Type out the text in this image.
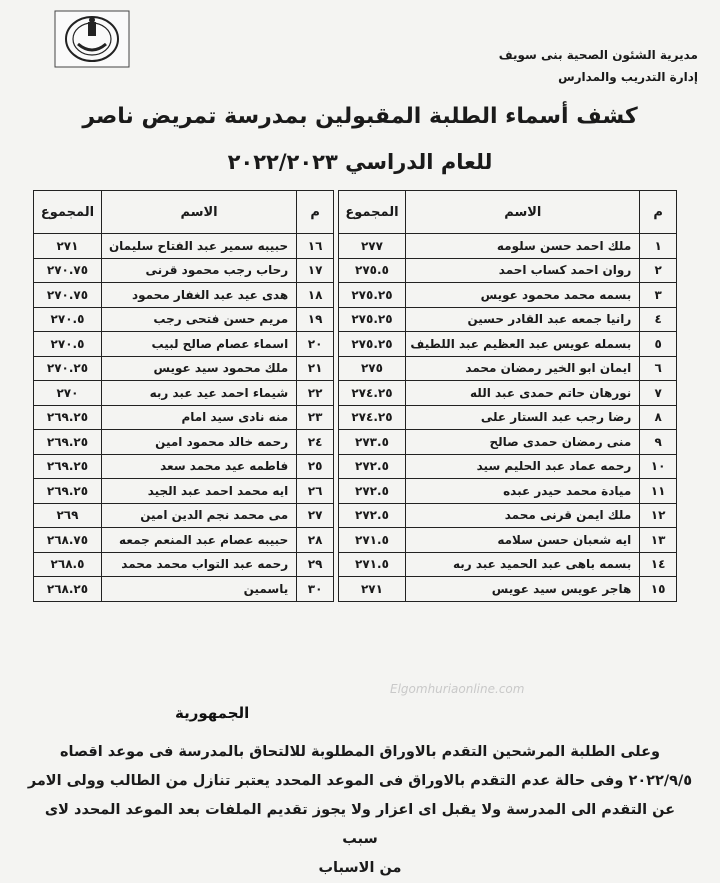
مديرية الشئون الصحية بنى سويف
إدارة التدريب والمدارس
كشف أسماء الطلبة المقبولين بمدرسة تمريض ناصر
للعام الدراسي ٢٠٢٢/٢٠٢٣
م	الاسم	المجموع		م	الاسم	المجموع
١	ملك احمد حسن سلومه	٢٧٧		١٦	حبيبه سمير عبد الفتاح سليمان	٢٧١
٢	روان احمد كساب احمد	٢٧٥.٥		١٧	رحاب رجب محمود قرنى	٢٧٠.٧٥
٣	بسمه محمد محمود عويس	٢٧٥.٢٥		١٨	هدى عيد عبد الغفار محمود	٢٧٠.٧٥
٤	رانيا جمعه عبد القادر حسين	٢٧٥.٢٥		١٩	مريم حسن فتحى رجب	٢٧٠.٥
٥	بسمله عويس عبد العظيم عبد اللطيف	٢٧٥.٢٥		٢٠	اسماء عصام صالح لبيب	٢٧٠.٥
٦	ايمان ابو الخير رمضان محمد	٢٧٥		٢١	ملك محمود سيد عويس	٢٧٠.٢٥
٧	نورهان حاتم حمدى عبد الله	٢٧٤.٢٥		٢٢	شيماء احمد عيد عبد ربه	٢٧٠
٨	رضا رجب عبد الستار على	٢٧٤.٢٥		٢٣	منه نادى سيد امام	٢٦٩.٢٥
٩	منى رمضان حمدى صالح	٢٧٣.٥		٢٤	رحمه خالد محمود امين	٢٦٩.٢٥
١٠	رحمه عماد عبد الحليم سيد	٢٧٢.٥		٢٥	فاطمه عيد محمد سعد	٢٦٩.٢٥
١١	ميادة محمد حيدر عبده	٢٧٢.٥		٢٦	ايه محمد احمد عبد الجيد	٢٦٩.٢٥
١٢	ملك ايمن قرنى محمد	٢٧٢.٥		٢٧	مى محمد نجم الدين امين	٢٦٩
١٣	ايه شعبان حسن سلامه	٢٧١.٥		٢٨	حبيبه عصام عبد المنعم جمعه	٢٦٨.٧٥
١٤	بسمه باهى عبد الحميد عبد ربه	٢٧١.٥		٢٩	رحمه عبد التواب محمد محمد	٢٦٨.٥
١٥	هاجر عويس سيد عويس	٢٧١		٣٠	ياسمين	٢٦٨.٢٥
Elgomhuriaonline.com
الجمهورية
وعلى الطلبة المرشحين التقدم بالاوراق المطلوبة للالتحاق بالمدرسة فى موعد اقصاه
٢٠٢٢/٩/٥ وفى حالة عدم التقدم بالاوراق فى الموعد المحدد يعتبر تنازل من الطالب وولى الامر
عن التقدم الى المدرسة ولا يقبل اى اعزار ولا يجوز تقديم الملفات بعد الموعد المحدد لاى سبب
من الاسباب
